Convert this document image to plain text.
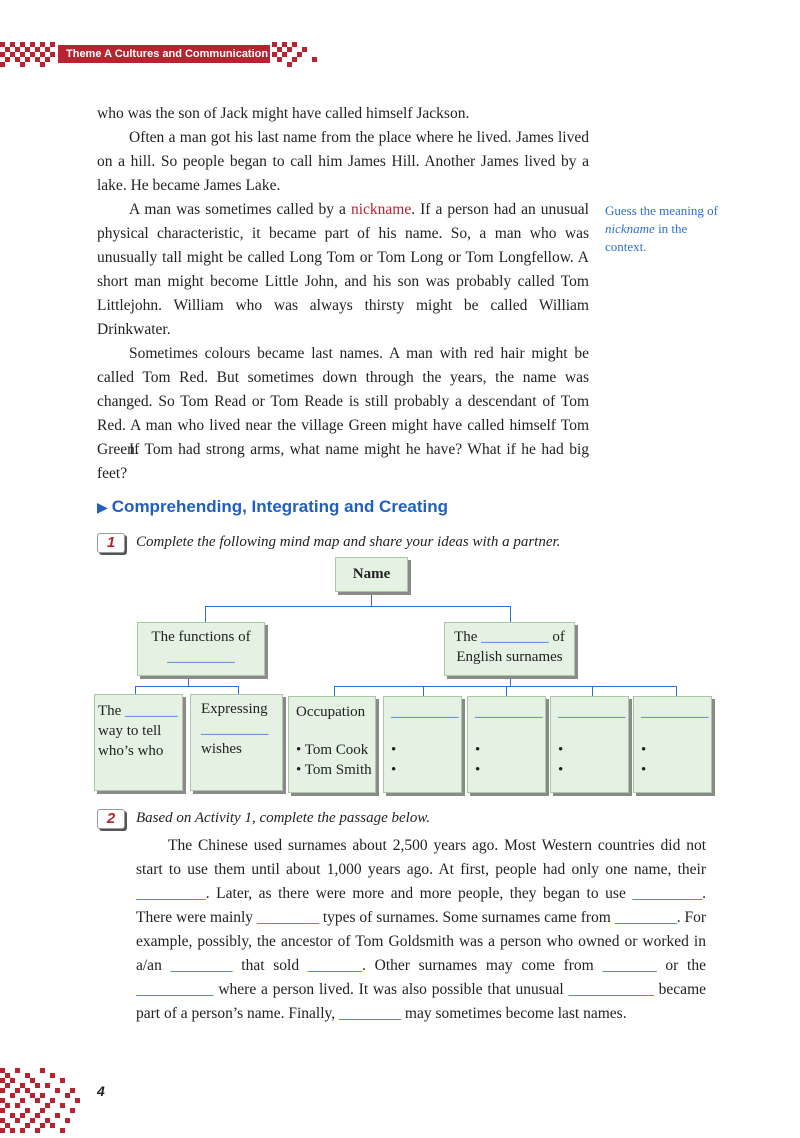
Theme A Cultures and Communication

who was the son of Jack might have called himself Jackson.

Often a man got his last name from the place where he lived. James lived on a hill. So people began to call him James Hill. Another James lived by a lake. He became James Lake.

A man was sometimes called by a nickname. If a person had an unusual physical characteristic, it became part of his name. So, a man who was unusually tall might be called Long Tom or Tom Long or Tom Longfellow. A short man might become Little John, and his son was probably called Tom Littlejohn. William who was always thirsty might be called William Drinkwater.

Sometimes colours became last names. A man with red hair might be called Tom Red. But sometimes down through the years, the name was changed. So Tom Read or Tom Reade is still probably a descendant of Tom Red. A man who lived near the village Green might have called himself Tom Green.

If Tom had strong arms, what name might he have? What if he had big feet?

Guess the meaning of nickname in the context.
▶ Comprehending, Integrating and Creating
1	Complete the following mind map and share your ideas with a partner.
Name
The functions of
_________
The _________ of
English surnames
The _______
way to tell
who’s who
Expressing
_________
wishes
Occupation
• Tom Cook
• Tom Smith
_________
•
•
_________
•
•
_________
•
•
_________
•
•
2	Based on Activity 1, complete the passage below.

The Chinese used surnames about 2,500 years ago. Most Western countries did not start to use them until about 1,000 years ago. At first, people had only one name, their _________. Later, as there were more and more people, they began to use _________. There were mainly ________ types of surnames. Some surnames came from ________. For example, possibly, the ancestor of Tom Goldsmith was a person who owned or worked in a/an ________ that sold _______. Other surnames may come from _______ or the __________ where a person lived. It was also possible that unusual ___________ became part of a person’s name. Finally, ________ may sometimes become last names.

4
